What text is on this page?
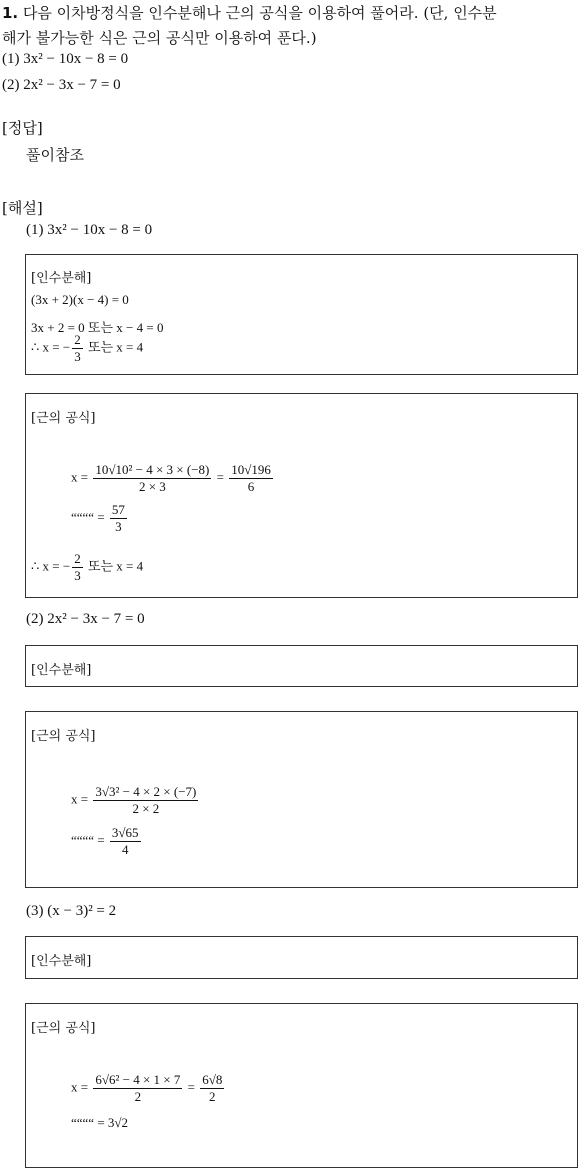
1. 다음 이차방정식을 인수분해나 근의 공식을 이용하여 풀어라. (단, 인수분
해가 불가능한 식은 근의 공식만 이용하여 푼다.)
(1) 3x² − 10x − 8 = 0
(2) 2x² − 3x − 7 = 0
[정답]
풀이참조
[해설]
(1) 3x² − 10x − 8 = 0
[인수분해]
(3x + 2)(x − 4) = 0
3x + 2 = 0 또는 x − 4 = 0
∴ x = − $\frac{2}{3}$ 또는 x = 4
[근의 공식]
$x = \frac{\text{10√10² − 4 × 3 × (−8)}}{2 \times 3} = \frac{10√196}{6}$
““““ = $\frac{57}{3}$
∴ x = − $\frac{2}{3}$ 또는 x = 4
(2) 2x² − 3x − 7 = 0
[인수분해]
[근의 공식]
$x = \frac{\text{3√3² − 4 × 2 × (−7)}}{2 \times 2}$
““““ = $\frac{3√65}{4}$
(3) (x − 3)² = 2
[인수분해]
[근의 공식]
$x = \frac{\text{6√6² − 4 × 1 × 7}}{2} = \frac{6√8}{2}$
““““ = 3√2
